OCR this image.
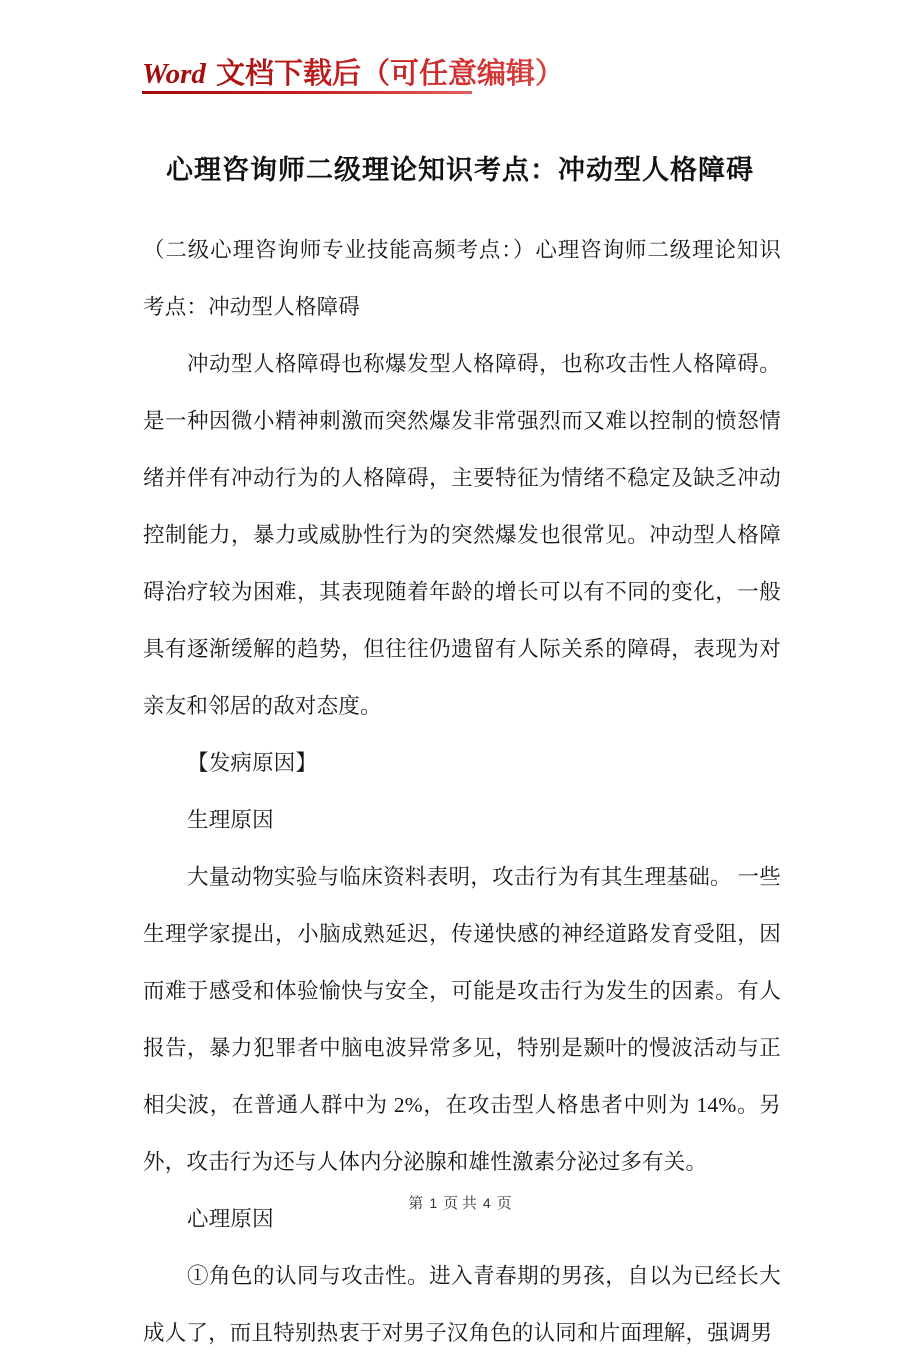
Word 文档下载后（可任意编辑）
心理咨询师二级理论知识考点：冲动型人格障碍

（二级心理咨询师专业技能高频考点：）心理咨询师二级理论知识考点：冲动型人格障碍

冲动型人格障碍也称爆发型人格障碍，也称攻击性人格障碍。是一种因微小精神刺激而突然爆发非常强烈而又难以控制的愤怒情绪并伴有冲动行为的人格障碍，主要特征为情绪不稳定及缺乏冲动控制能力，暴力或威胁性行为的突然爆发也很常见。冲动型人格障碍治疗较为困难，其表现随着年龄的增长可以有不同的变化，一般具有逐渐缓解的趋势，但往往仍遗留有人际关系的障碍，表现为对亲友和邻居的敌对态度。

【发病原因】

生理原因

大量动物实验与临床资料表明，攻击行为有其生理基础。 一些生理学家提出，小脑成熟延迟，传递快感的神经道路发育受阻，因而难于感受和体验愉快与安全，可能是攻击行为发生的因素。有人报告，暴力犯罪者中脑电波异常多见，特别是颞叶的慢波活动与正相尖波，在普通人群中为 2%，在攻击型人格患者中则为 14%。另外，攻击行为还与人体内分泌腺和雄性激素分泌过多有关。

心理原因

①角色的认同与攻击性。进入青春期的男孩，自以为已经长大成人了，而且特别热衷于对男子汉角色的认同和片面理解，强调男

第 1 页 共 4 页
